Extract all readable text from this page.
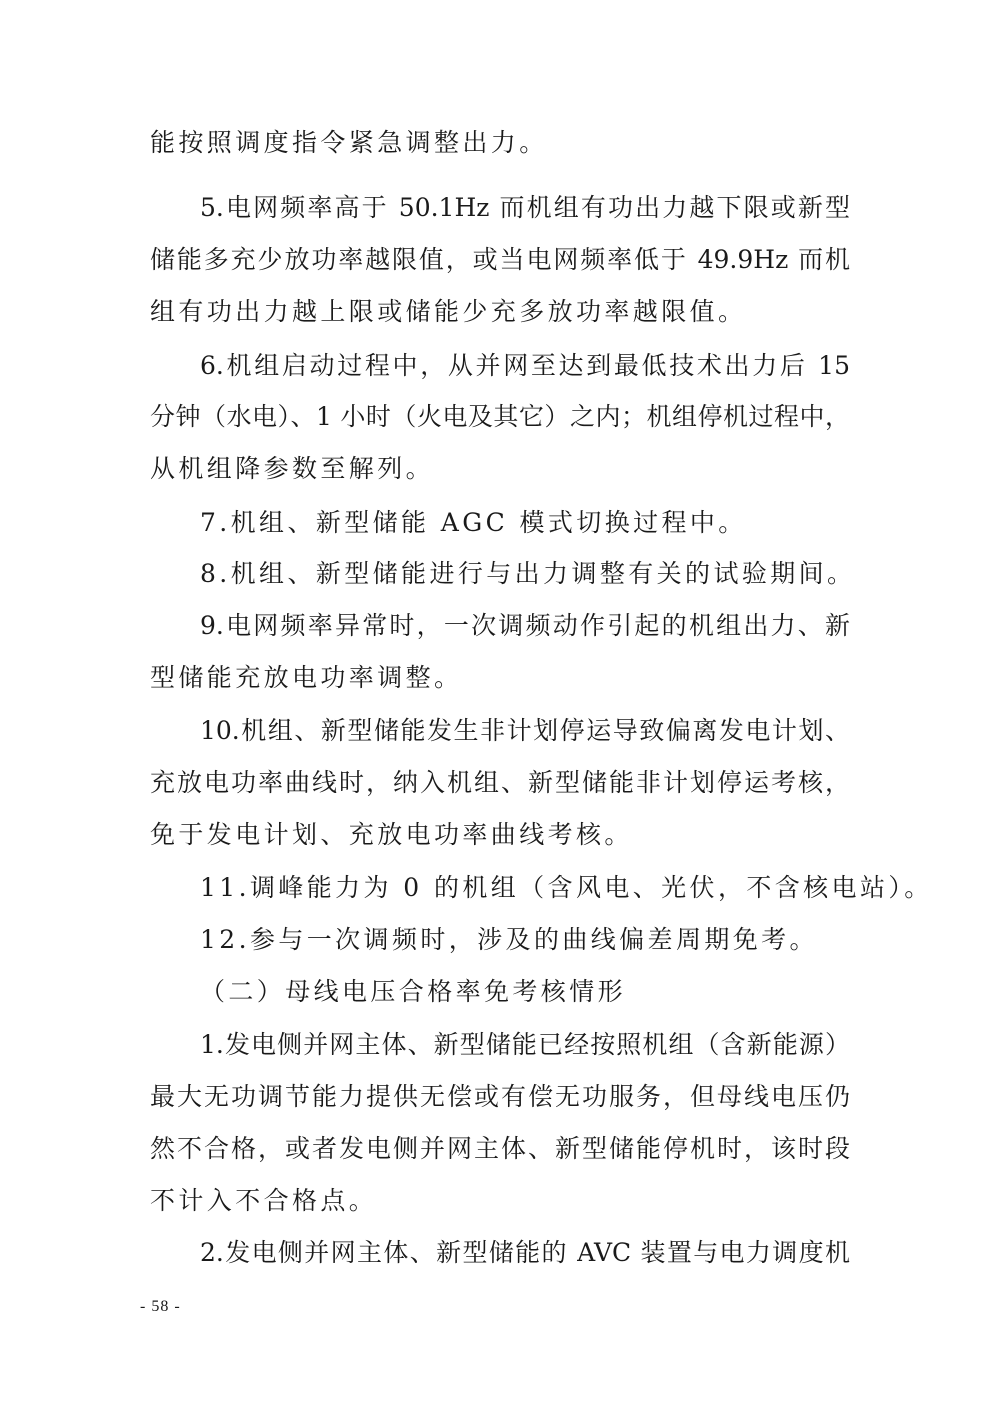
能按照调度指令紧急调整出力。
5.电网频率高于 50.1Hz 而机组有功出力越下限或新型
储能多充少放功率越限值，或当电网频率低于 49.9Hz 而机
组有功出力越上限或储能少充多放功率越限值。
6.机组启动过程中，从并网至达到最低技术出力后 15
分钟（水电）、1 小时（火电及其它）之内；机组停机过程中，
从机组降参数至解列。
7.机组、新型储能 AGC 模式切换过程中。
8.机组、新型储能进行与出力调整有关的试验期间。
9.电网频率异常时，一次调频动作引起的机组出力、新
型储能充放电功率调整。
10.机组、新型储能发生非计划停运导致偏离发电计划、
充放电功率曲线时，纳入机组、新型储能非计划停运考核，
免于发电计划、充放电功率曲线考核。
11.调峰能力为 0 的机组（含风电、光伏，不含核电站）。
12.参与一次调频时，涉及的曲线偏差周期免考。
（二）母线电压合格率免考核情形
1.发电侧并网主体、新型储能已经按照机组（含新能源）
最大无功调节能力提供无偿或有偿无功服务，但母线电压仍
然不合格，或者发电侧并网主体、新型储能停机时，该时段
不计入不合格点。
2.发电侧并网主体、新型储能的 AVC 装置与电力调度机
- 58 -
